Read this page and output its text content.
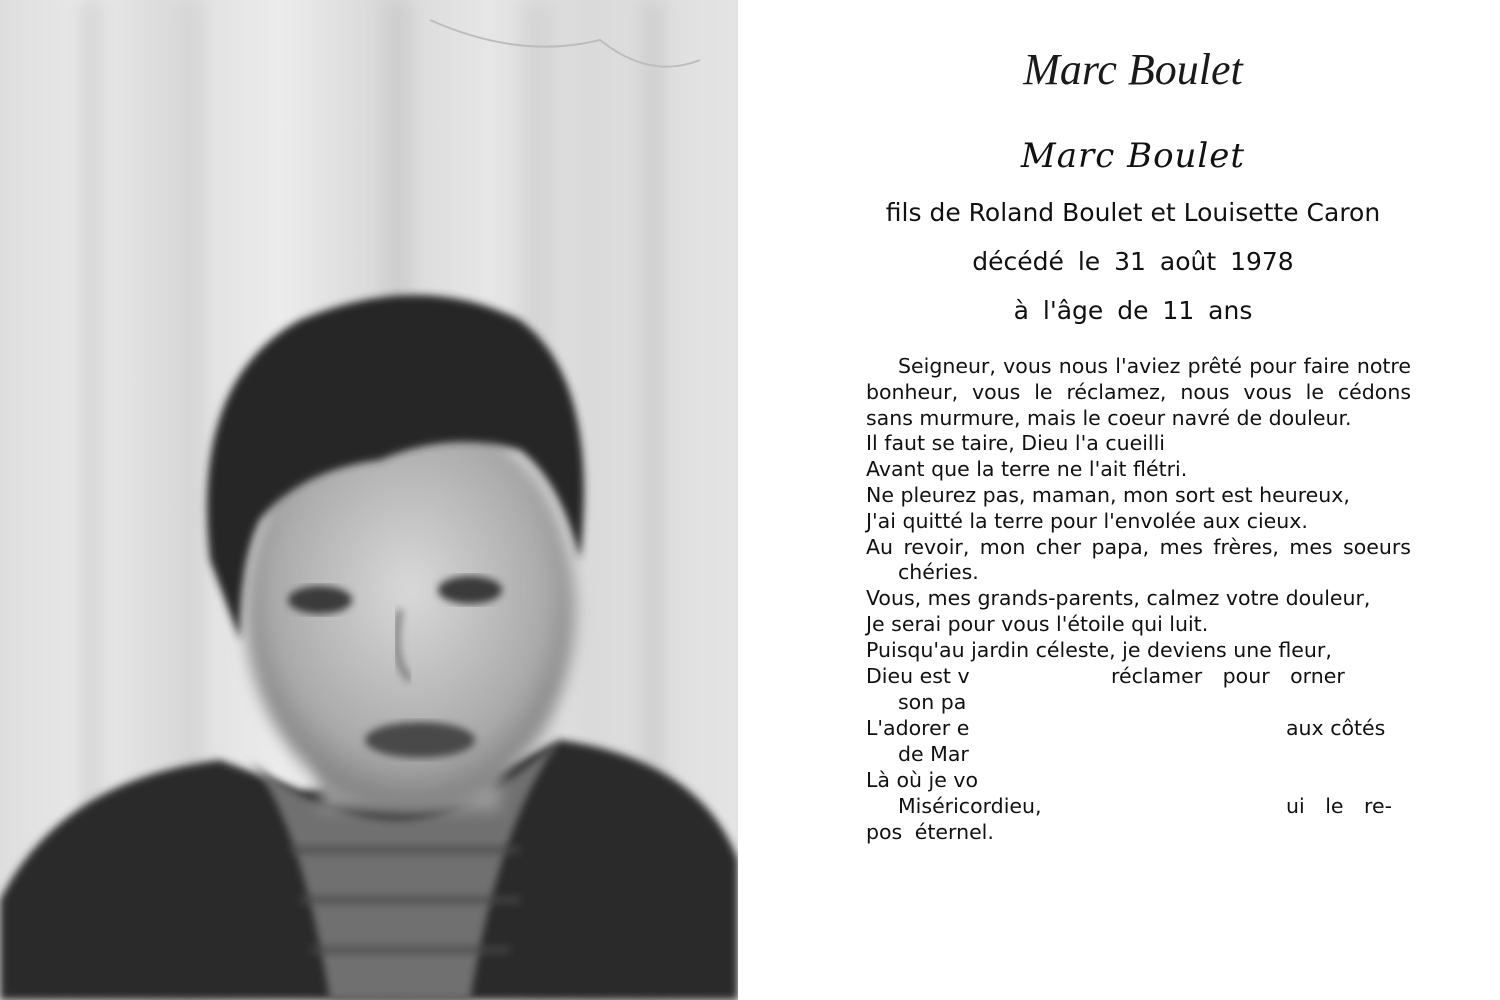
Marc Boulet
Marc Boulet
fils de Roland Boulet et Louisette Caron
décédé le 31 août 1978
à l'âge de 11 ans

Seigneur, vous nous l'aviez prêté pour faire notre bonheur, vous le réclamez, nous vous le cédons sans murmure, mais le coeur navré de douleur.

Il faut se taire, Dieu l'a cueilli

Avant que la terre ne l'ait flétri.

Ne pleurez pas, maman, mon sort est heureux,

J'ai quitté la terre pour l'envolée aux cieux.

Au revoir, mon cher papa, mes frères, mes soeurs chéries.

Vous, mes grands-parents, calmez votre douleur,

Je serai pour vous l'étoile qui luit.

Puisqu'au jardin céleste, je deviens une fleur,

Dieu est v	réclamer pour orner
son pa
L'adorer e	aux côtés
de Mar
Là où je vo
Miséricordieu,	ui le re-

pos éternel.
